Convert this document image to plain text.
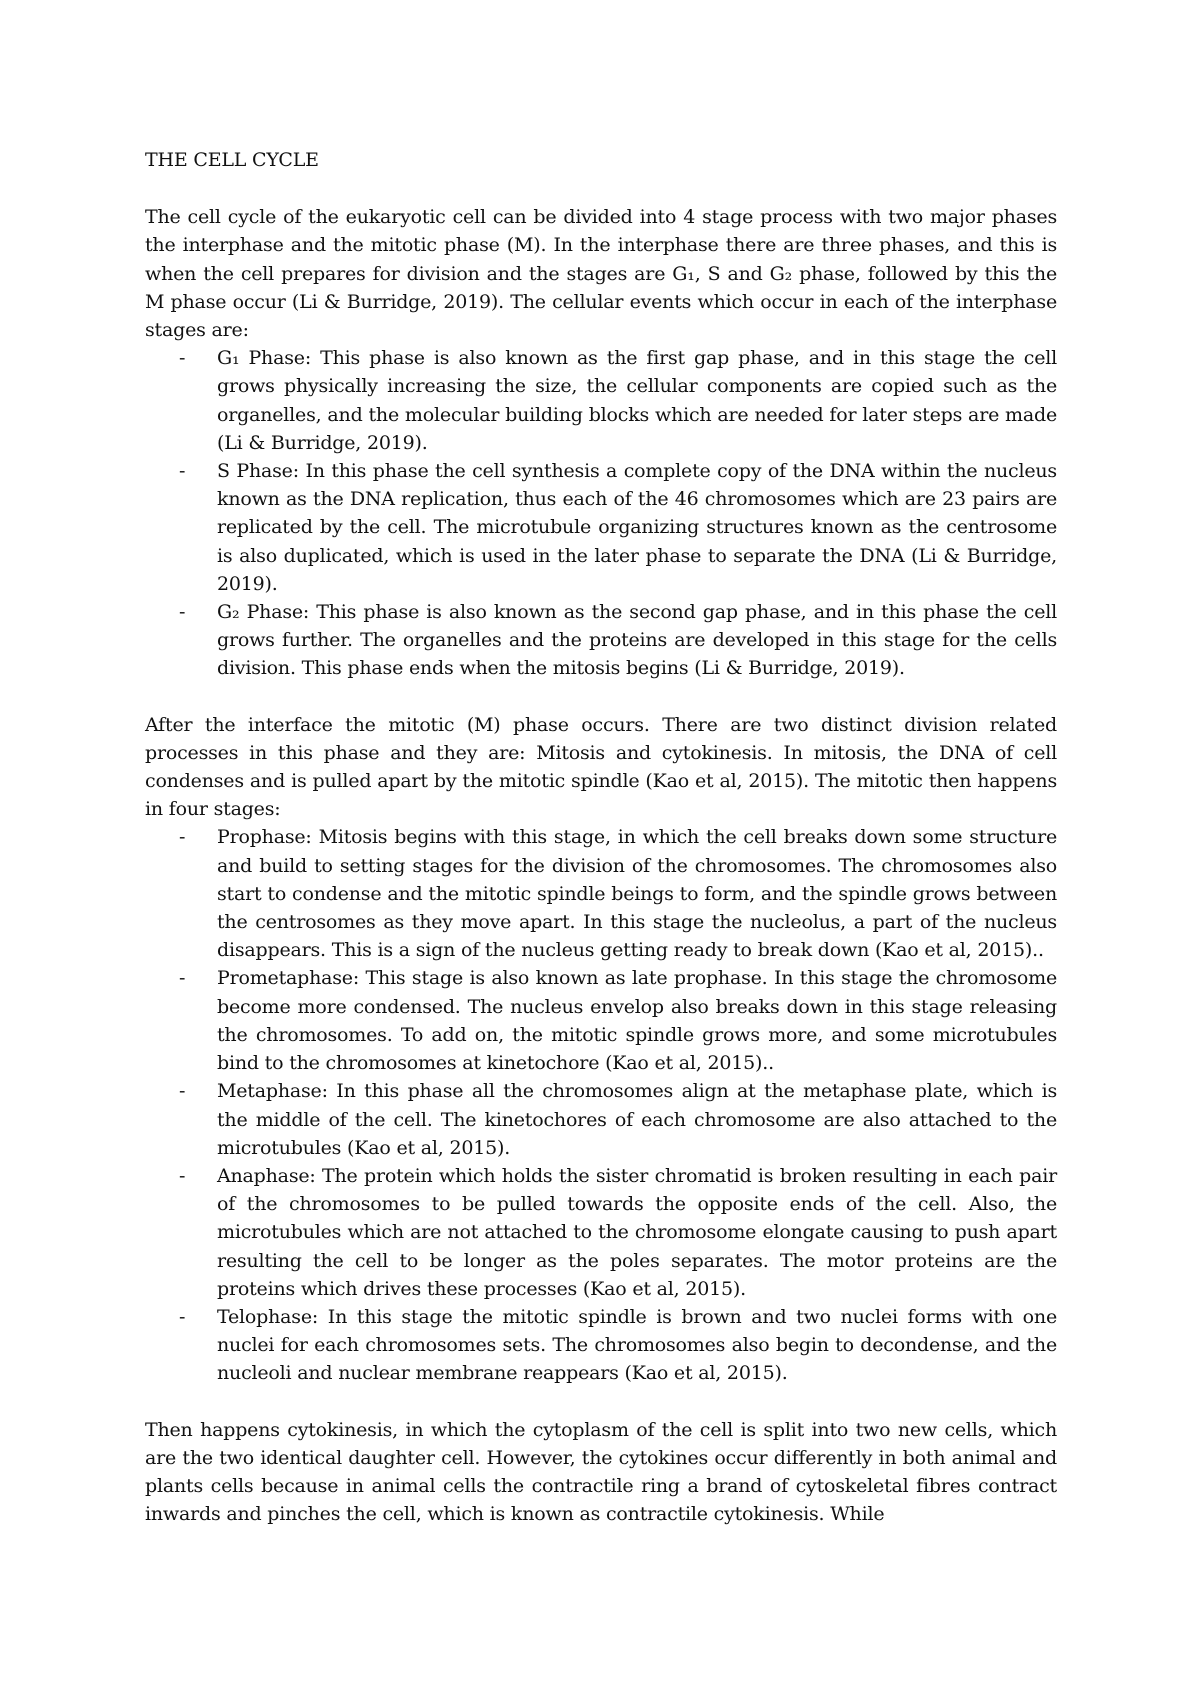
THE CELL CYCLE

The cell cycle of the eukaryotic cell can be divided into 4 stage process with two major phases the interphase and the mitotic phase (M). In the interphase there are three phases, and this is when the cell prepares for division and the stages are G₁, S and G₂ phase, followed by this the M phase occur (Li & Burridge, 2019). The cellular events which occur in each of the interphase stages are:

- G₁ Phase: This phase is also known as the first gap phase, and in this stage the cell grows physically increasing the size, the cellular components are copied such as the organelles, and the molecular building blocks which are needed for later steps are made (Li & Burridge, 2019).
- S Phase: In this phase the cell synthesis a complete copy of the DNA within the nucleus known as the DNA replication, thus each of the 46 chromosomes which are 23 pairs are replicated by the cell. The microtubule organizing structures known as the centrosome is also duplicated, which is used in the later phase to separate the DNA (Li & Burridge, 2019).
- G₂ Phase: This phase is also known as the second gap phase, and in this phase the cell grows further. The organelles and the proteins are developed in this stage for the cells division. This phase ends when the mitosis begins (Li & Burridge, 2019).

After the interface the mitotic (M) phase occurs. There are two distinct division related processes in this phase and they are: Mitosis and cytokinesis. In mitosis, the DNA of cell condenses and is pulled apart by the mitotic spindle (Kao et al, 2015). The mitotic then happens in four stages:

- Prophase: Mitosis begins with this stage, in which the cell breaks down some structure and build to setting stages for the division of the chromosomes. The chromosomes also start to condense and the mitotic spindle beings to form, and the spindle grows between the centrosomes as they move apart. In this stage the nucleolus, a part of the nucleus disappears. This is a sign of the nucleus getting ready to break down (Kao et al, 2015)..
- Prometaphase: This stage is also known as late prophase. In this stage the chromosome become more condensed. The nucleus envelop also breaks down in this stage releasing the chromosomes. To add on, the mitotic spindle grows more, and some microtubules bind to the chromosomes at kinetochore (Kao et al, 2015)..
- Metaphase: In this phase all the chromosomes align at the metaphase plate, which is the middle of the cell. The kinetochores of each chromosome are also attached to the microtubules (Kao et al, 2015).
- Anaphase: The protein which holds the sister chromatid is broken resulting in each pair of the chromosomes to be pulled towards the opposite ends of the cell. Also, the microtubules which are not attached to the chromosome elongate causing to push apart resulting the cell to be longer as the poles separates. The motor proteins are the proteins which drives these processes (Kao et al, 2015).
- Telophase: In this stage the mitotic spindle is brown and two nuclei forms with one nuclei for each chromosomes sets. The chromosomes also begin to decondense, and the nucleoli and nuclear membrane reappears (Kao et al, 2015).

Then happens cytokinesis, in which the cytoplasm of the cell is split into two new cells, which are the two identical daughter cell. However, the cytokines occur differently in both animal and plants cells because in animal cells the contractile ring a brand of cytoskeletal fibres contract inwards and pinches the cell, which is known as contractile cytokinesis. While
